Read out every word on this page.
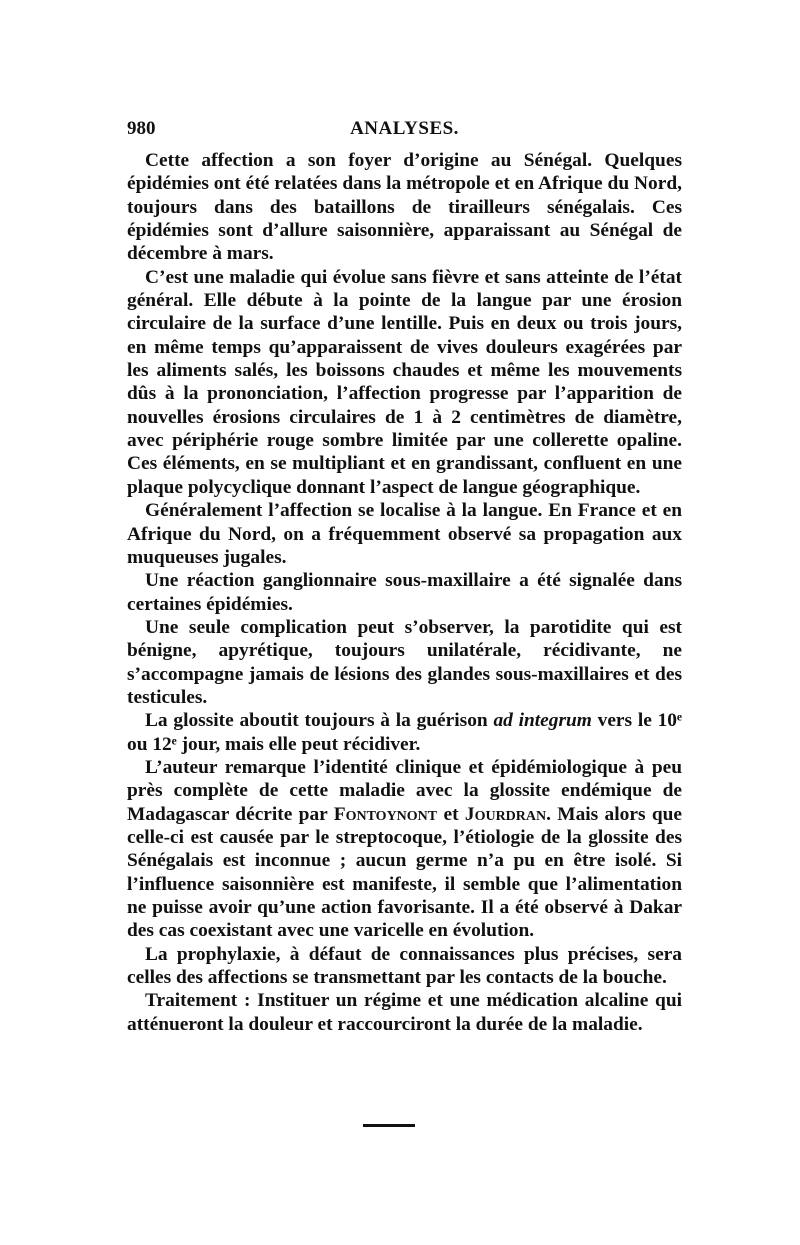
980	ANALYSES.

Cette affection a son foyer d’origine au Sénégal. Quelques épidémies ont été relatées dans la métropole et en Afrique du Nord, toujours dans des bataillons de tirailleurs sénégalais. Ces épidémies sont d’allure saisonnière, apparaissant au Sénégal de décembre à mars.

C’est une maladie qui évolue sans fièvre et sans atteinte de l’état général. Elle débute à la pointe de la langue par une érosion circulaire de la surface d’une lentille. Puis en deux ou trois jours, en même temps qu’apparaissent de vives douleurs exagérées par les aliments salés, les boissons chaudes et même les mouvements dûs à la prononciation, l’affection progresse par l’apparition de nouvelles érosions circulaires de 1 à 2 centimètres de diamètre, avec périphérie rouge sombre limitée par une collerette opaline. Ces éléments, en se multipliant et en grandissant, confluent en une plaque polycyclique donnant l’aspect de langue géographique.

Généralement l’affection se localise à la langue. En France et en Afrique du Nord, on a fréquemment observé sa propagation aux muqueuses jugales.

Une réaction ganglionnaire sous-maxillaire a été signalée dans certaines épidémies.

Une seule complication peut s’observer, la parotidite qui est bénigne, apyrétique, toujours unilatérale, récidivante, ne s’accompagne jamais de lésions des glandes sous-maxillaires et des testicules.

La glossite aboutit toujours à la guérison ad integrum vers le 10ᵉ ou 12ᵉ jour, mais elle peut récidiver.

L’auteur remarque l’identité clinique et épidémiologique à peu près complète de cette maladie avec la glossite endémique de Madagascar décrite par Fontoynont et Jourdran. Mais alors que celle-ci est causée par le streptocoque, l’étiologie de la glossite des Sénégalais est inconnue ; aucun germe n’a pu en être isolé. Si l’influence saisonnière est manifeste, il semble que l’alimentation ne puisse avoir qu’une action favorisante. Il a été observé à Dakar des cas coexistant avec une varicelle en évolution.

La prophylaxie, à défaut de connaissances plus précises, sera celles des affections se transmettant par les contacts de la bouche.

Traitement : Instituer un régime et une médication alcaline qui atténueront la douleur et raccourciront la durée de la maladie.
